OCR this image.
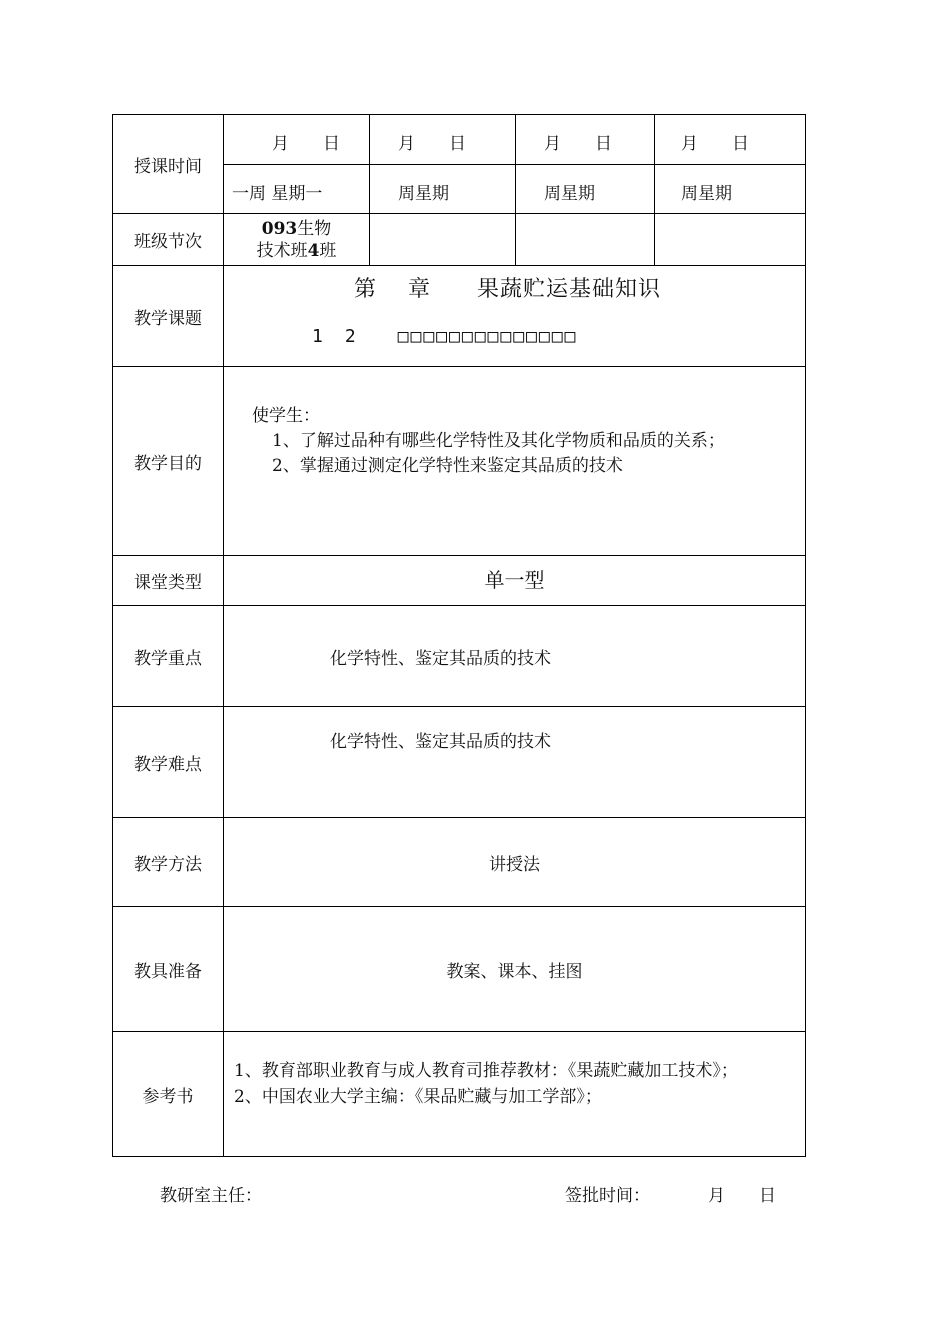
授课时间	月　　日	月　　日	月　　日	月　　日

	一周 星期一	周星期	周星期	周星期

班级节次	093生物
技术班4班			

教学课题	第　 章　　果蔬贮运基础知识
1　2　　□□□□□□□□□□□□□□			

教学目的	使学生：
1、了解过品种有哪些化学特性及其化学物质和品质的关系；
2、掌握通过测定化学特性来鉴定其品质的技术			

课堂类型	单一型			
教学重点	化学特性、鉴定其品质的技术			

教学难点	化学特性、鉴定其品质的技术			

教学方法	讲授法			
教具准备	教案、课本、挂图			
参考书	1、教育部职业教育与成人教育司推荐教材：《果蔬贮藏加工技术》；
2、中国农业大学主编：《果品贮藏与加工学部》；			
教研室主任：	签批时间：	月　　日
